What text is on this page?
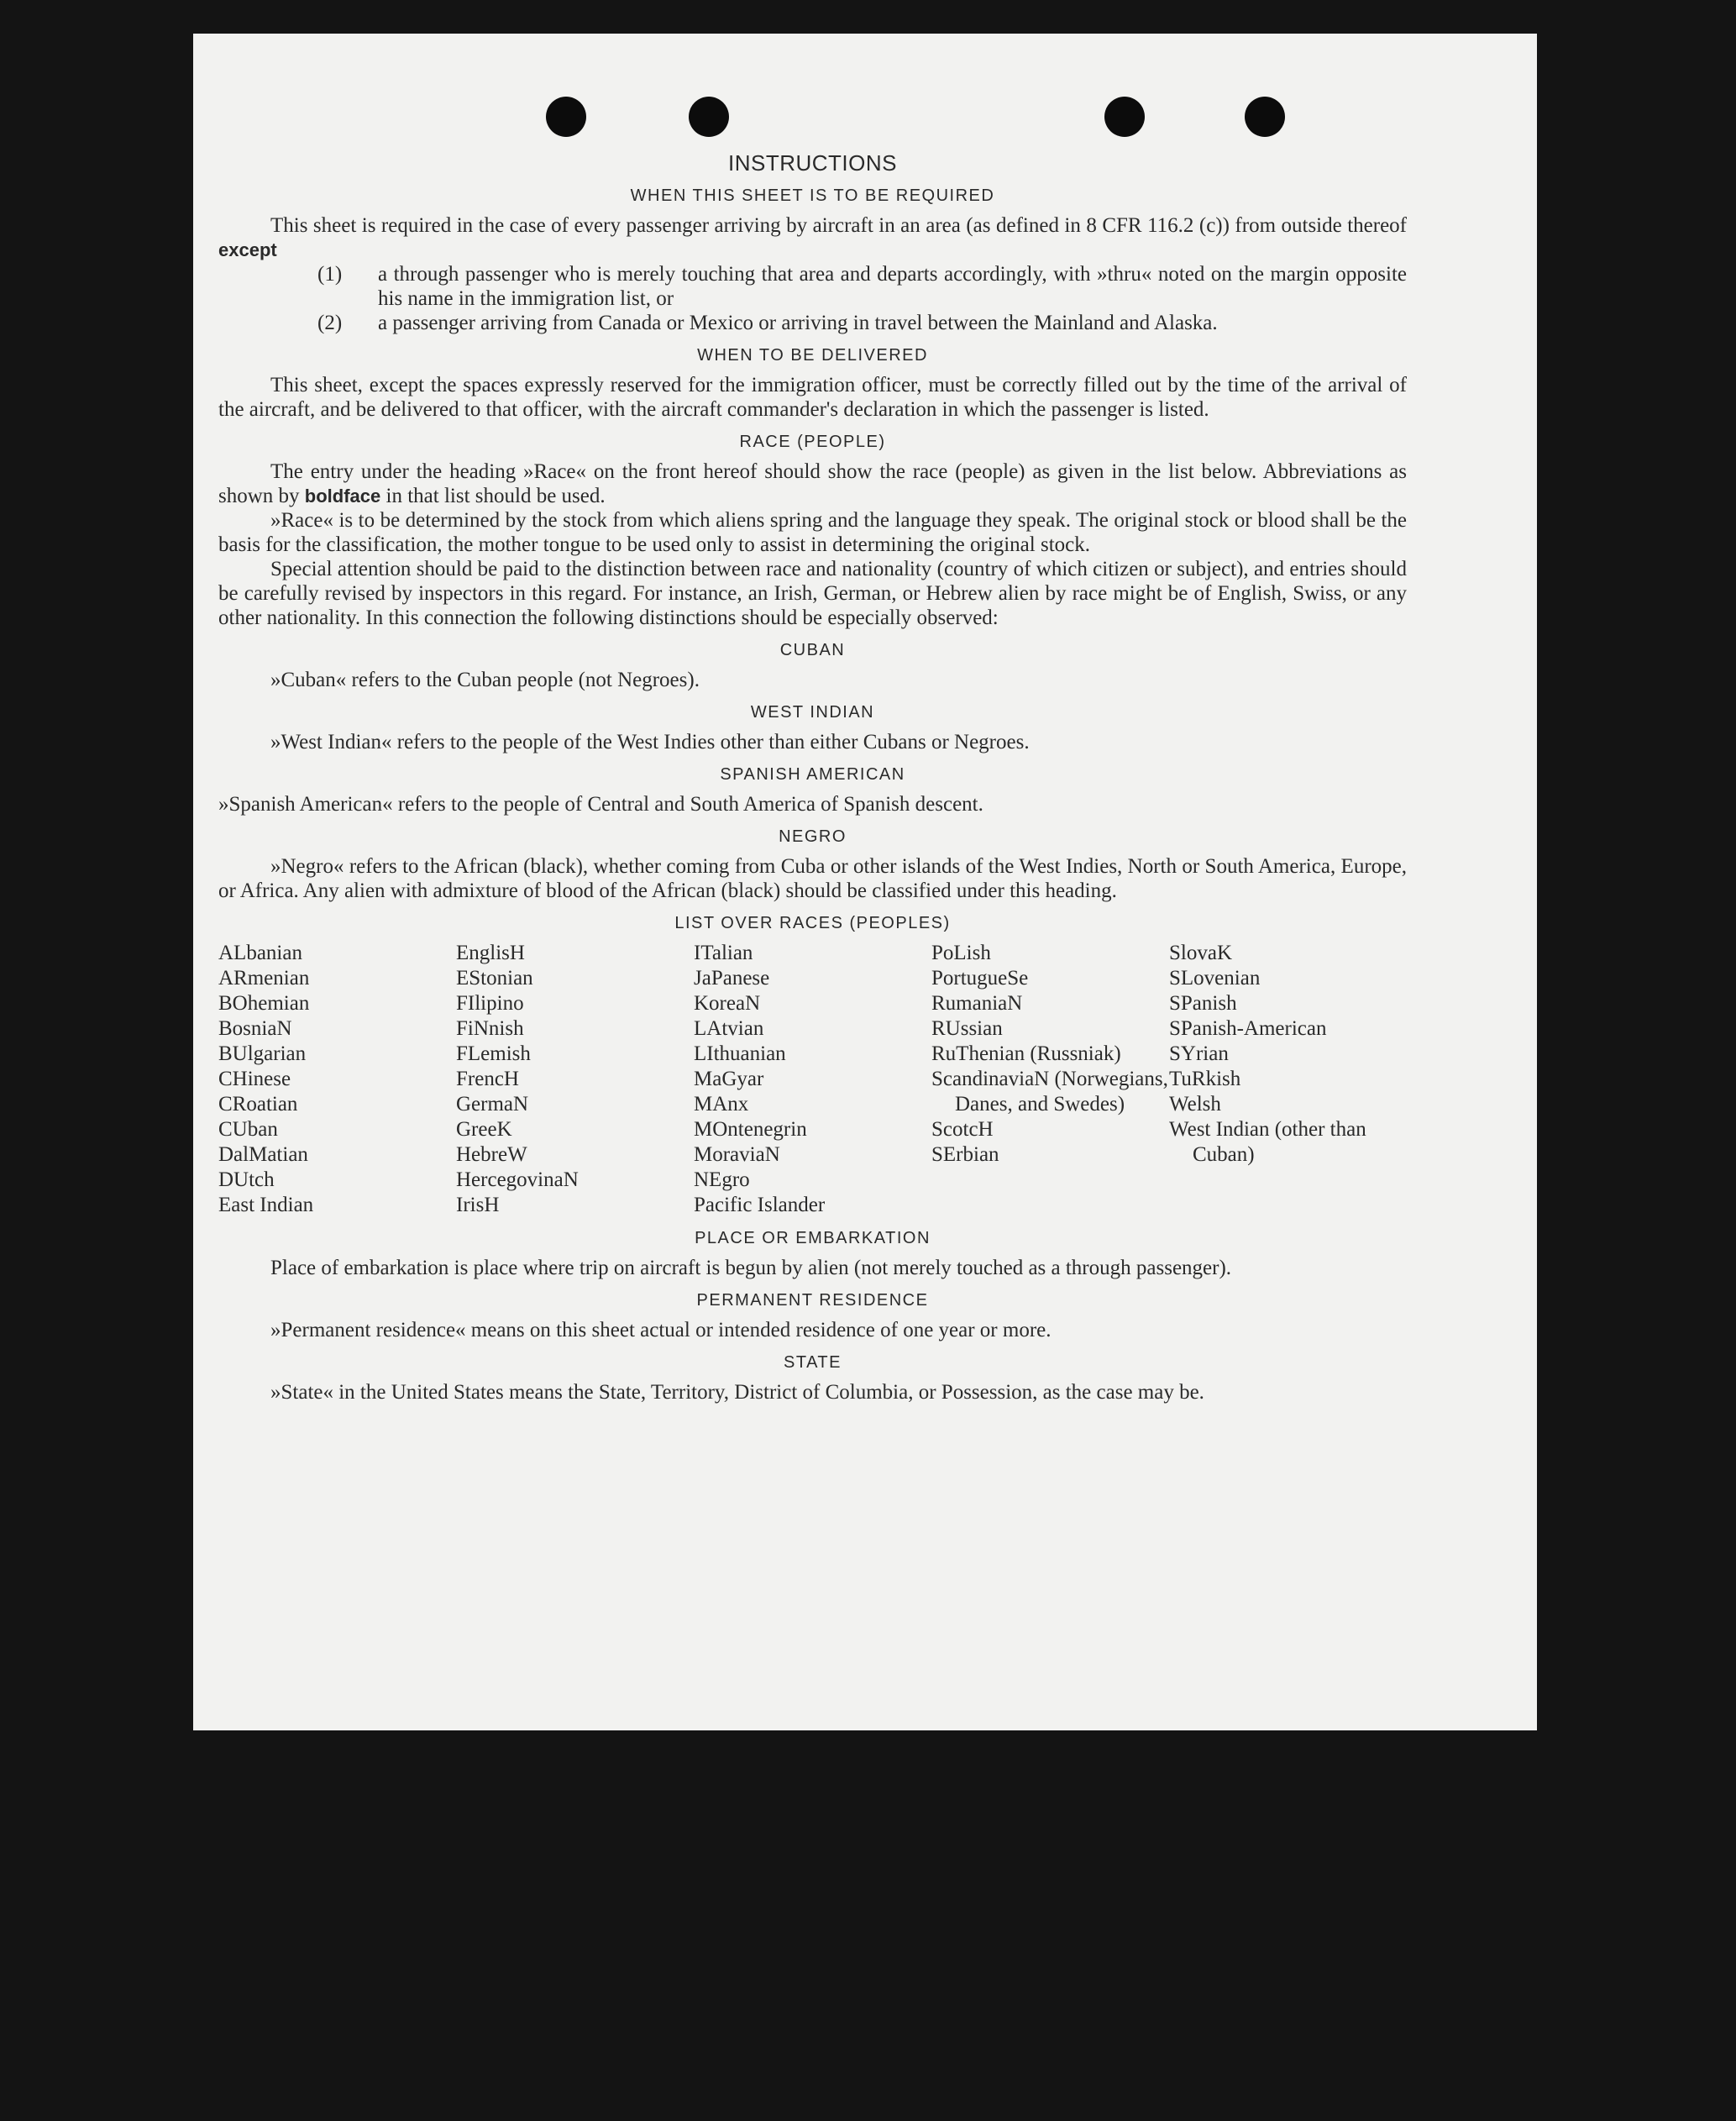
INSTRUCTIONS
WHEN THIS SHEET IS TO BE REQUIRED

This sheet is required in the case of every passenger arriving by aircraft in an area (as defined in 8 CFR 116.2 (c)) from outside thereof except

(1) a through passenger who is merely touching that area and departs accordingly, with »thru« noted on the margin opposite his name in the immigration list, or
(2) a passenger arriving from Canada or Mexico or arriving in travel between the Mainland and Alaska.
WHEN TO BE DELIVERED

This sheet, except the spaces expressly reserved for the immigration officer, must be correctly filled out by the time of the arrival of the aircraft, and be delivered to that officer, with the aircraft commander's declaration in which the passenger is listed.

RACE (PEOPLE)

The entry under the heading »Race« on the front hereof should show the race (people) as given in the list below. Abbreviations as shown by boldface in that list should be used.

»Race« is to be determined by the stock from which aliens spring and the language they speak. The original stock or blood shall be the basis for the classification, the mother tongue to be used only to assist in determining the original stock.

Special attention should be paid to the distinction between race and nationality (country of which citizen or subject), and entries should be carefully revised by inspectors in this regard. For instance, an Irish, German, or Hebrew alien by race might be of English, Swiss, or any other nationality. In this connection the following distinctions should be especially observed:

CUBAN

»Cuban« refers to the Cuban people (not Negroes).

WEST INDIAN

»West Indian« refers to the people of the West Indies other than either Cubans or Negroes.

SPANISH AMERICAN

»Spanish American« refers to the people of Central and South America of Spanish descent.

NEGRO

»Negro« refers to the African (black), whether coming from Cuba or other islands of the West Indies, North or South America, Europe, or Africa. Any alien with admixture of blood of the African (black) should be classified under this heading.

LIST OVER RACES (PEOPLES)
ALbanian
ARmenian
BOhemian
BosniaN
BUlgarian
CHinese
CRoatian
CUban
DalMatian
DUtch
East Indian
EnglisH
EStonian
FIlipino
FiNnish
FLemish
FrencH
GermaN
GreeK
HebreW
HercegovinaN
IrisH
ITalian
JaPanese
KoreaN
LAtvian
LIthuanian
MaGyar
MAnx
MOntenegrin
MoraviaN
NEgro
Pacific Islander
PoLish
PortugueSe
RumaniaN
RUssian
RuThenian (Russniak)
ScandinaviaN (Norwegians, Danes, and Swedes)
ScotcH
SErbian
SlovaK
SLovenian
SPanish
SPanish-American
SYrian
TuRkish
Welsh
West Indian (other than Cuban)
PLACE OR EMBARKATION

Place of embarkation is place where trip on aircraft is begun by alien (not merely touched as a through passenger).

PERMANENT RESIDENCE

»Permanent residence« means on this sheet actual or intended residence of one year or more.

STATE

»State« in the United States means the State, Territory, District of Columbia, or Possession, as the case may be.
